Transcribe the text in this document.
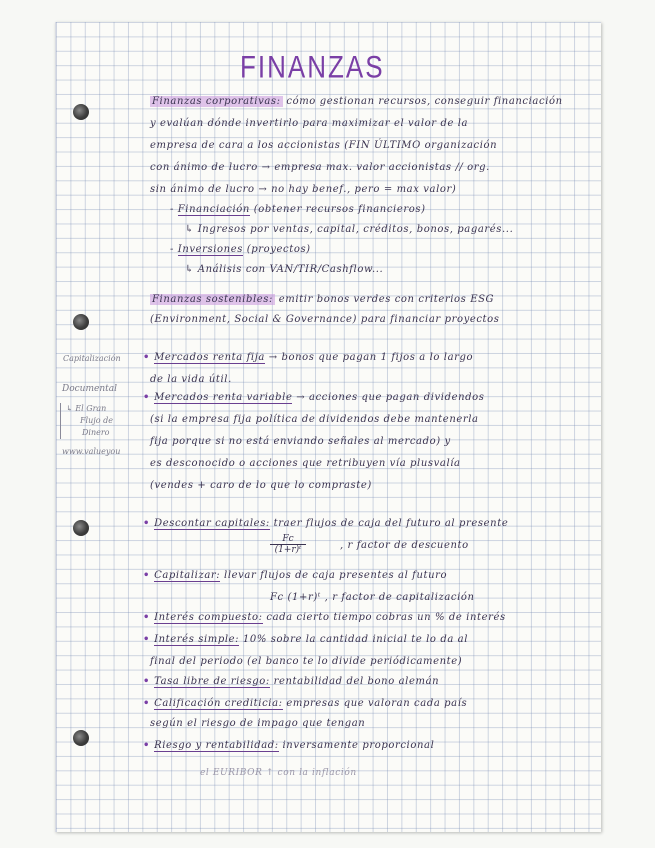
FINANZAS
Finanzas corporativas: cómo gestionan recursos, conseguir financiación
y evalúan dónde invertirlo para maximizar el valor de la
empresa de cara a los accionistas (FIN ÚLTIMO organización
con ánimo de lucro → empresa max. valor accionistas // org.
sin ánimo de lucro → no hay benef., pero = max valor)
- Financiación (obtener recursos financieros)
↳ Ingresos por ventas, capital, créditos, bonos, pagarés...
- Inversiones (proyectos)
↳ Análisis con VAN/TIR/Cashflow...
Finanzas sostenibles: emitir bonos verdes con criterios ESG
(Environment, Social & Governance) para financiar proyectos
• Mercados renta fija → bonos que pagan 1 fijos a lo largo
de la vida útil.
• Mercados renta variable → acciones que pagan dividendos
(si la empresa fija política de dividendos debe mantenerla
fija porque si no está enviando señales al mercado) y
es desconocido o acciones que retribuyen vía plusvalía
(vendes + caro de lo que lo compraste)
• Descontar capitales: traer flujos de caja del futuro al presente
$\frac{Fc}{\text{(1+r)ᵗ}}$	, r factor de descuento
• Capitalizar: llevar flujos de caja presentes al futuro
Fc (1+r)ᵗ , r factor de capitalización
• Interés compuesto: cada cierto tiempo cobras un % de interés
• Interés simple: 10% sobre la cantidad inicial te lo da al
final del periodo (el banco te lo divide periódicamente)
• Tasa libre de riesgo: rentabilidad del bono alemán
• Calificación crediticia: empresas que valoran cada país
según el riesgo de impago que tengan
• Riesgo y rentabilidad: inversamente proporcional
el EURIBOR ↑ con la inflación
Capitalización
Documental
↳ El Gran
Flujo de
Dinero
www.valueyou
